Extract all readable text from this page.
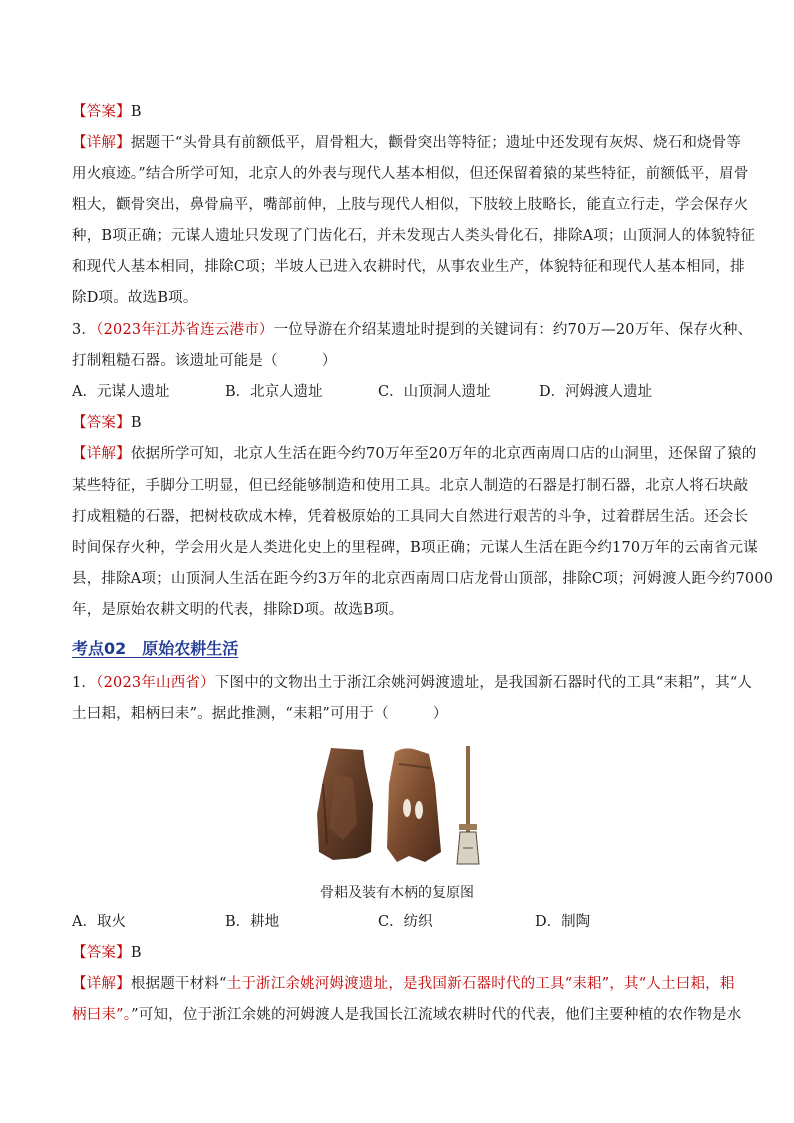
【答案】B
【详解】据题干“头骨具有前额低平，眉骨粗大，颧骨突出等特征；遗址中还发现有灰烬、烧石和烧骨等
用火痕迹。”结合所学可知，北京人的外表与现代人基本相似，但还保留着猿的某些特征，前额低平，眉骨
粗大，颧骨突出，鼻骨扁平，嘴部前伸，上肢与现代人相似，下肢较上肢略长，能直立行走，学会保存火
种，B项正确；元谋人遗址只发现了门齿化石，并未发现古人类头骨化石，排除A项；山顶洞人的体貌特征
和现代人基本相同，排除C项；半坡人已进入农耕时代，从事农业生产，体貌特征和现代人基本相同，排
除D项。故选B项。
3．（2023年江苏省连云港市）一位导游在介绍某遗址时提到的关键词有：约70万—20万年、保存火种、
打制粗糙石器。该遗址可能是（　　　）
A．元谋人遗址	B．北京人遗址	C．山顶洞人遗址	D．河姆渡人遗址
【答案】B
【详解】依据所学可知，北京人生活在距今约70万年至20万年的北京西南周口店的山洞里，还保留了猿的
某些特征，手脚分工明显，但已经能够制造和使用工具。北京人制造的石器是打制石器，北京人将石块敲
打成粗糙的石器，把树枝砍成木棒，凭着极原始的工具同大自然进行艰苦的斗争，过着群居生活。还会长
时间保存火种，学会用火是人类进化史上的里程碑，B项正确；元谋人生活在距今约170万年的云南省元谋
县，排除A项；山顶洞人生活在距今约3万年的北京西南周口店龙骨山顶部，排除C项；河姆渡人距今约7000
年，是原始农耕文明的代表，排除D项。故选B项。
考点02　原始农耕生活
1．（2023年山西省）下图中的文物出土于浙江余姚河姆渡遗址，是我国新石器时代的工具“耒耜”，其“人
土曰耜，耜柄曰耒”。据此推测，“耒耜”可用于（　　　）
骨耜及装有木柄的复原图
A．取火	B．耕地	C．纺织	D．制陶
【答案】B
【详解】根据题干材料“土于浙江余姚河姆渡遗址，是我国新石器时代的工具“耒耜”，其“人土曰耜，耜
柄曰耒”。”可知，位于浙江余姚的河姆渡人是我国长江流域农耕时代的代表，他们主要种植的农作物是水
